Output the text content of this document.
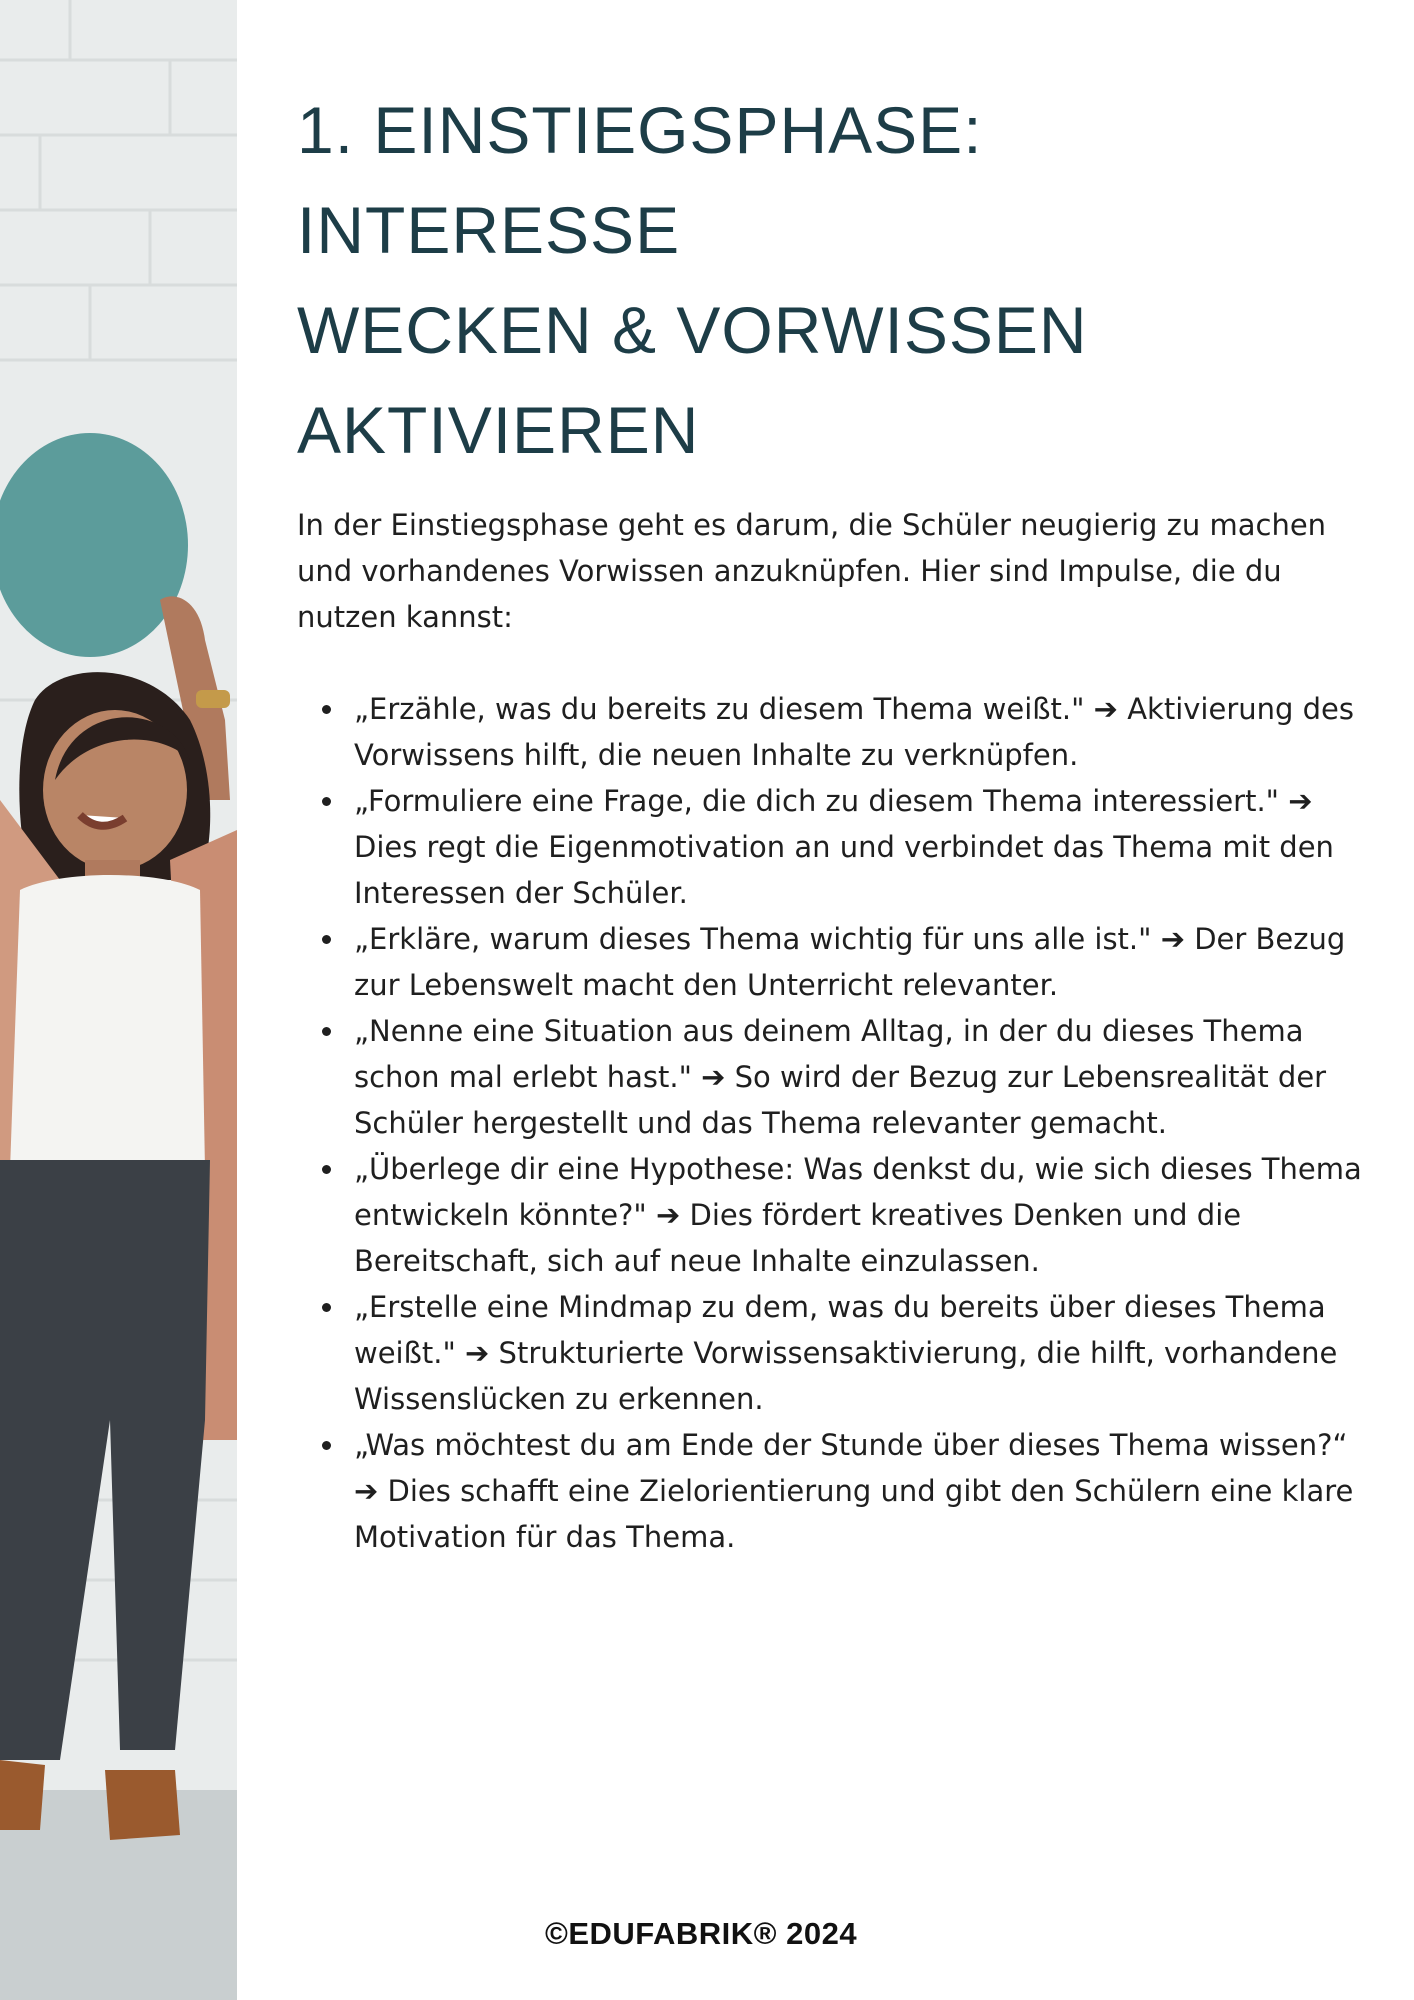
1. EINSTIEGSPHASE: INTERESSE
WECKEN & VORWISSEN
AKTIVIEREN

In der Einstiegsphase geht es darum, die Schüler neugierig zu machen und vorhandenes Vorwissen anzuknüpfen. Hier sind Impulse, die du nutzen kannst:

„Erzähle, was du bereits zu diesem Thema weißt." ➔ Aktivierung des Vorwissens hilft, die neuen Inhalte zu verknüpfen.
„Formuliere eine Frage, die dich zu diesem Thema interessiert." ➔ Dies regt die Eigenmotivation an und verbindet das Thema mit den Interessen der Schüler.
„Erkläre, warum dieses Thema wichtig für uns alle ist." ➔ Der Bezug zur Lebenswelt macht den Unterricht relevanter.
„Nenne eine Situation aus deinem Alltag, in der du dieses Thema schon mal erlebt hast." ➔ So wird der Bezug zur Lebensrealität der Schüler hergestellt und das Thema relevanter gemacht.
„Überlege dir eine Hypothese: Was denkst du, wie sich dieses Thema entwickeln könnte?" ➔ Dies fördert kreatives Denken und die Bereitschaft, sich auf neue Inhalte einzulassen.
„Erstelle eine Mindmap zu dem, was du bereits über dieses Thema weißt." ➔ Strukturierte Vorwissensaktivierung, die hilft, vorhandene Wissenslücken zu erkennen.
„Was möchtest du am Ende der Stunde über dieses Thema wissen?“ ➔ Dies schafft eine Zielorientierung und gibt den Schülern eine klare Motivation für das Thema.
©EDUFABRIK® 2024
